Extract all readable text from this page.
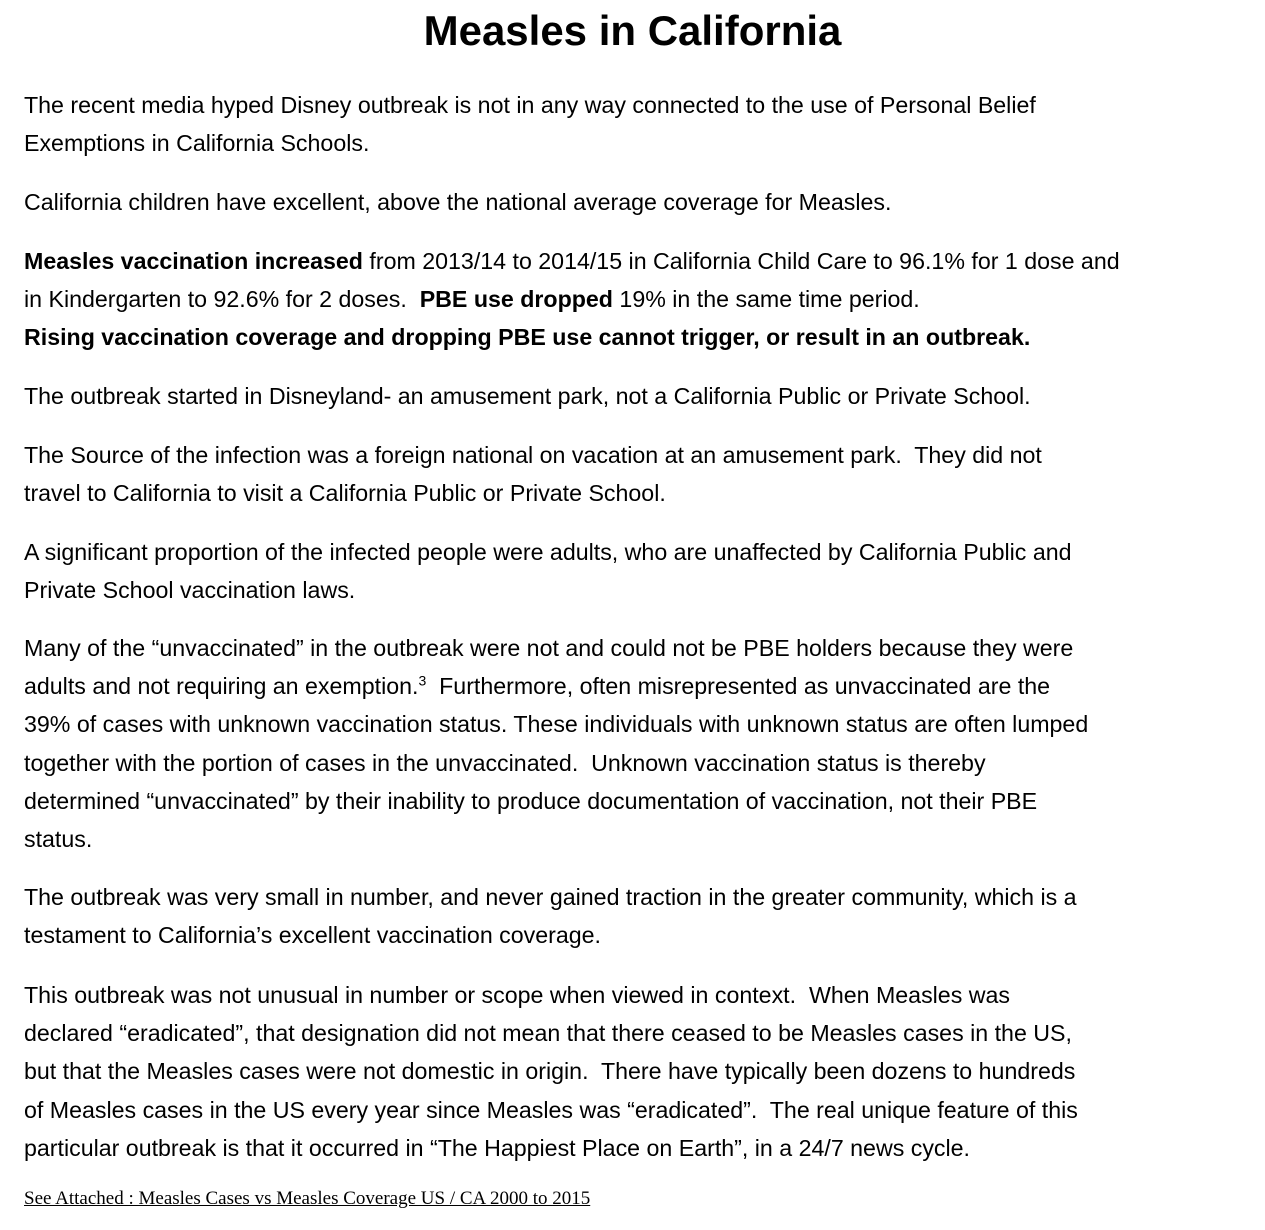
Measles in California

The recent media hyped Disney outbreak is not in any way connected to the use of Personal Belief
Exemptions in California Schools.

California children have excellent, above the national average coverage for Measles.

Measles vaccination increased from 2013/14 to 2014/15 in California Child Care to 96.1% for 1 dose and
in Kindergarten to 92.6% for 2 doses.  PBE use dropped 19% in the same time period.
Rising vaccination coverage and dropping PBE use cannot trigger, or result in an outbreak.

The outbreak started in Disneyland- an amusement park, not a California Public or Private School.

The Source of the infection was a foreign national on vacation at an amusement park.  They did not
travel to California to visit a California Public or Private School.

A significant proportion of the infected people were adults, who are unaffected by California Public and
Private School vaccination laws.

Many of the “unvaccinated” in the outbreak were not and could not be PBE holders because they were
adults and not requiring an exemption.$^3$  Furthermore, often misrepresented as unvaccinated are the
39% of cases with unknown vaccination status. These individuals with unknown status are often lumped
together with the portion of cases in the unvaccinated.  Unknown vaccination status is thereby
determined “unvaccinated” by their inability to produce documentation of vaccination, not their PBE
status.

The outbreak was very small in number, and never gained traction in the greater community, which is a
testament to California’s excellent vaccination coverage.

This outbreak was not unusual in number or scope when viewed in context.  When Measles was
declared “eradicated”, that designation did not mean that there ceased to be Measles cases in the US,
but that the Measles cases were not domestic in origin.  There have typically been dozens to hundreds
of Measles cases in the US every year since Measles was “eradicated”.  The real unique feature of this
particular outbreak is that it occurred in “The Happiest Place on Earth”, in a 24/7 news cycle.

See Attached : Measles Cases vs Measles Coverage US / CA 2000 to 2015
